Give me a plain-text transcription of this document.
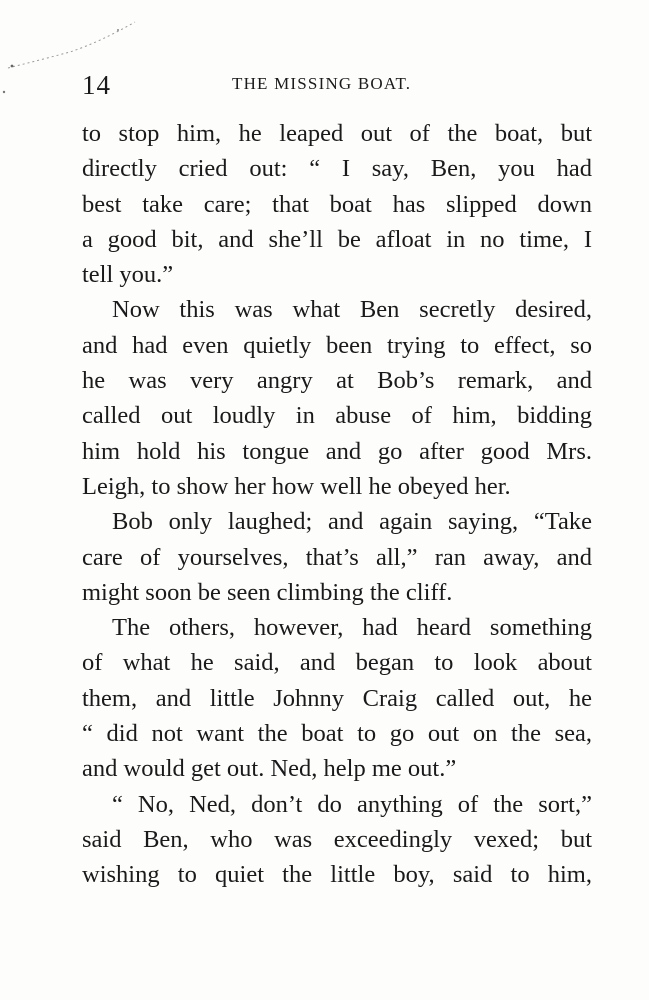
14	THE MISSING BOAT.
to stop him, he leaped out of the boat, but
directly cried out: “ I say, Ben, you had
best take care; that boat has slipped down
a good bit, and she’ll be afloat in no time, I
tell you.”
Now this was what Ben secretly desired,
and had even quietly been trying to effect, so
he was very angry at Bob’s remark, and
called out loudly in abuse of him, bidding
him hold his tongue and go after good Mrs.
Leigh, to show her how well he obeyed her.
Bob only laughed; and again saying, “Take
care of yourselves, that’s all,” ran away, and
might soon be seen climbing the cliff.
The others, however, had heard something
of what he said, and began to look about
them, and little Johnny Craig called out, he
“ did not want the boat to go out on the sea,
and would get out. Ned, help me out.”
“ No, Ned, don’t do anything of the sort,”
said Ben, who was exceedingly vexed; but
wishing to quiet the little boy, said to him,
